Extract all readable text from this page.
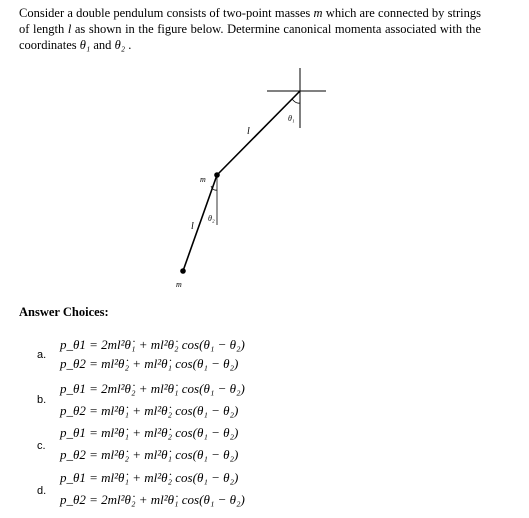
Consider a double pendulum consists of two-point masses m which are connected by strings of length l as shown in the figure below. Determine canonical momenta associated with the coordinates θ₁ and θ₂ .
θ₁
l
m
θ₂
l
m
Answer Choices:
a.
p_θ1 = 2ml²θ̇₁ + ml²θ̇₂ cos(θ₁ − θ₂)
p_θ2 = ml²θ̇₂ + ml²θ̇₁ cos(θ₁ − θ₂)
b.
p_θ1 = 2ml²θ̇₂ + ml²θ̇₁ cos(θ₁ − θ₂)
p_θ2 = ml²θ̇₁ + ml²θ̇₂ cos(θ₁ − θ₂)
c.
p_θ1 = ml²θ̇₁ + ml²θ̇₂ cos(θ₁ − θ₂)
p_θ2 = ml²θ̇₂ + ml²θ̇₁ cos(θ₁ − θ₂)
d.
p_θ1 = ml²θ̇₁ + ml²θ̇₂ cos(θ₁ − θ₂)
p_θ2 = 2ml²θ̇₂ + ml²θ̇₁ cos(θ₁ − θ₂)
